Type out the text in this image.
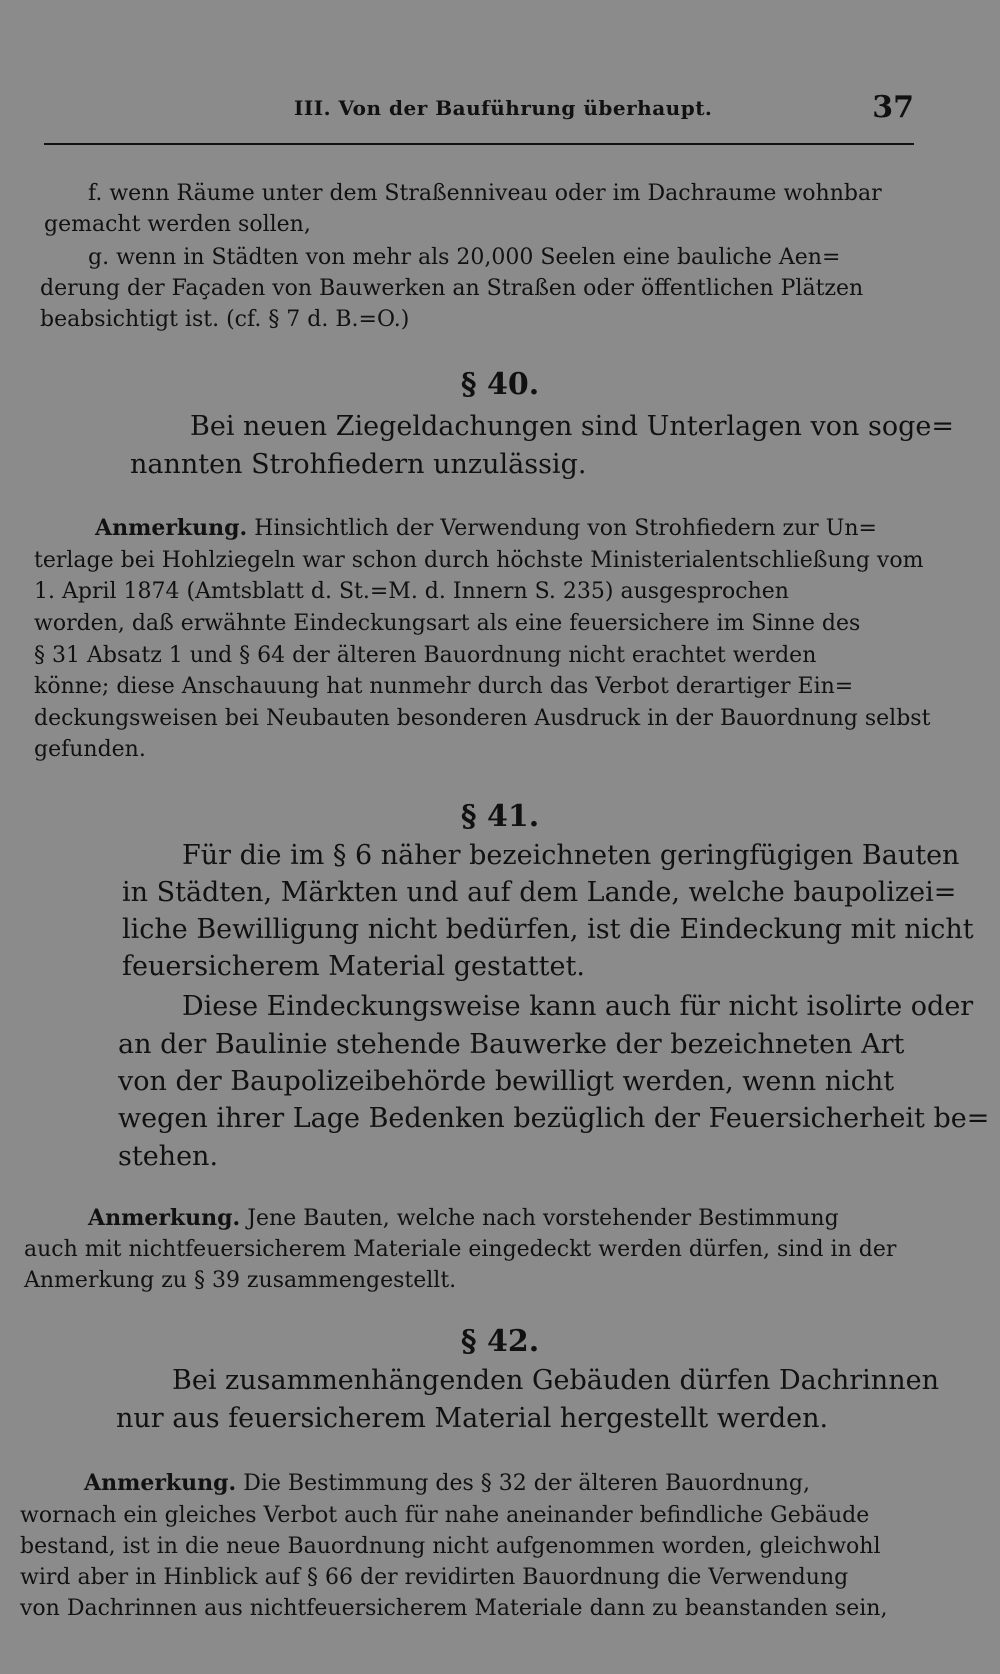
III. Von der Bauführung überhaupt.	37
f. wenn Räume unter dem Straßenniveau oder im Dachraume wohnbar
gemacht werden sollen,
g. wenn in Städten von mehr als 20,000 Seelen eine bauliche Aen=
derung der Façaden von Bauwerken an Straßen oder öffentlichen Plätzen
beabsichtigt ist. (cf. § 7 d. B.=O.)
§ 40.
Bei neuen Ziegeldachungen sind Unterlagen von soge=
nannten Strohfiedern unzulässig.
Anmerkung. Hinsichtlich der Verwendung von Strohfiedern zur Un=
terlage bei Hohlziegeln war schon durch höchste Ministerialentschließung vom
1. April 1874 (Amtsblatt d. St.=M. d. Innern S. 235) ausgesprochen
worden, daß erwähnte Eindeckungsart als eine feuersichere im Sinne des
§ 31 Absatz 1 und § 64 der älteren Bauordnung nicht erachtet werden
könne; diese Anschauung hat nunmehr durch das Verbot derartiger Ein=
deckungsweisen bei Neubauten besonderen Ausdruck in der Bauordnung selbst
gefunden.
§ 41.
Für die im § 6 näher bezeichneten geringfügigen Bauten
in Städten, Märkten und auf dem Lande, welche baupolizei=
liche Bewilligung nicht bedürfen, ist die Eindeckung mit nicht
feuersicherem Material gestattet.
Diese Eindeckungsweise kann auch für nicht isolirte oder
an der Baulinie stehende Bauwerke der bezeichneten Art
von der Baupolizeibehörde bewilligt werden, wenn nicht
wegen ihrer Lage Bedenken bezüglich der Feuersicherheit be=
stehen.
Anmerkung. Jene Bauten, welche nach vorstehender Bestimmung
auch mit nichtfeuersicherem Materiale eingedeckt werden dürfen, sind in der
Anmerkung zu § 39 zusammengestellt.
§ 42.
Bei zusammenhängenden Gebäuden dürfen Dachrinnen
nur aus feuersicherem Material hergestellt werden.
Anmerkung. Die Bestimmung des § 32 der älteren Bauordnung,
wornach ein gleiches Verbot auch für nahe aneinander befindliche Gebäude
bestand, ist in die neue Bauordnung nicht aufgenommen worden, gleichwohl
wird aber in Hinblick auf § 66 der revidirten Bauordnung die Verwendung
von Dachrinnen aus nichtfeuersicherem Materiale dann zu beanstanden sein,
